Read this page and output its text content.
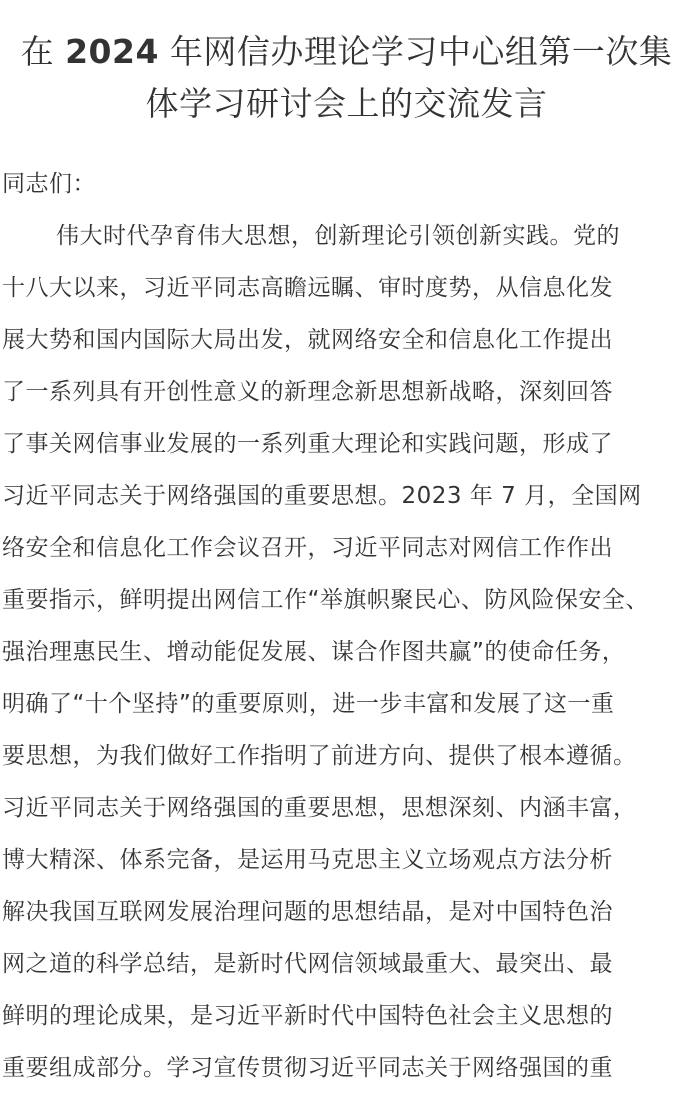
在 2024 年网信办理论学习中心组第一次集
体学习研讨会上的交流发言
同志们：
伟大时代孕育伟大思想，创新理论引领创新实践。党的
十八大以来，习近平同志高瞻远瞩、审时度势，从信息化发
展大势和国内国际大局出发，就网络安全和信息化工作提出
了一系列具有开创性意义的新理念新思想新战略，深刻回答
了事关网信事业发展的一系列重大理论和实践问题，形成了
习近平同志关于网络强国的重要思想。2023 年 7 月，全国网
络安全和信息化工作会议召开，习近平同志对网信工作作出
重要指示，鲜明提出网信工作“举旗帜聚民心、防风险保安全、
强治理惠民生、增动能促发展、谋合作图共赢”的使命任务，
明确了“十个坚持”的重要原则，进一步丰富和发展了这一重
要思想，为我们做好工作指明了前进方向、提供了根本遵循。
习近平同志关于网络强国的重要思想，思想深刻、内涵丰富，
博大精深、体系完备，是运用马克思主义立场观点方法分析
解决我国互联网发展治理问题的思想结晶，是对中国特色治
网之道的科学总结，是新时代网信领域最重大、最突出、最
鲜明的理论成果，是习近平新时代中国特色社会主义思想的
重要组成部分。学习宣传贯彻习近平同志关于网络强国的重
